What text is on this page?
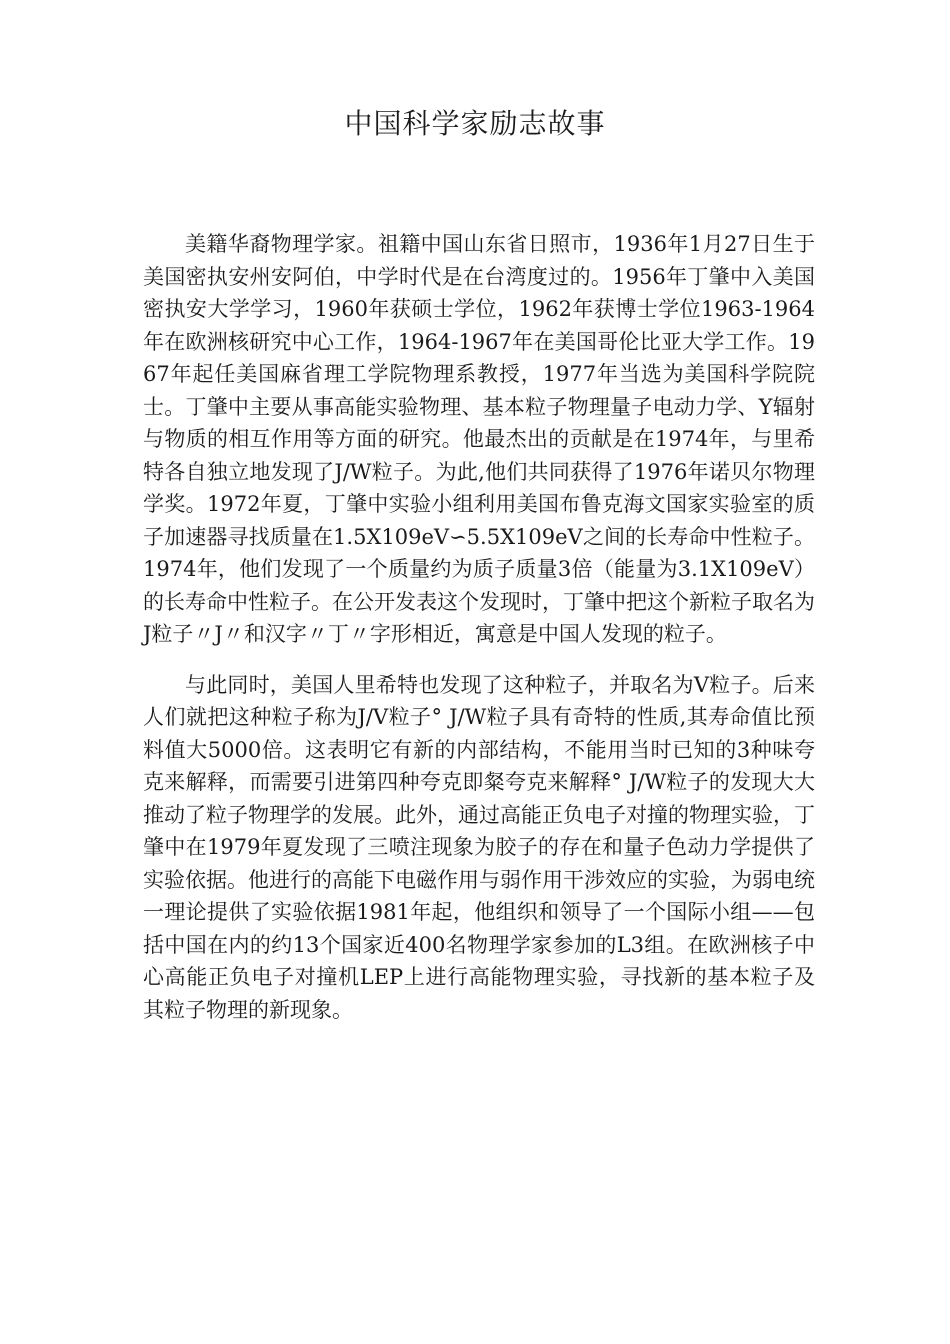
中国科学家励志故事

美籍华裔物理学家。祖籍中国山东省日照市，1936年1月27日生于美国密执安州安阿伯，中学时代是在台湾度过的。1956年丁肇中入美国密执安大学学习，1960年获硕士学位，1962年获博士学位1963-1964年在欧洲核研究中心工作，1964-1967年在美国哥伦比亚大学工作。1967年起任美国麻省理工学院物理系教授，1977年当选为美国科学院院士。丁肇中主要从事高能实验物理、基本粒子物理量子电动力学、Y辐射与物质的相互作用等方面的研究。他最杰出的贡献是在1974年，与里希特各自独立地发现了J/W粒子。为此,他们共同获得了1976年诺贝尔物理学奖。1972年夏，丁肇中实验小组利用美国布鲁克海文国家实验室的质子加速器寻找质量在1.5X109eV∽5.5X109eV之间的长寿命中性粒子。1974年，他们发现了一个质量约为质子质量3倍（能量为3.1X109eV）的长寿命中性粒子。在公开发表这个发现时，丁肇中把这个新粒子取名为J粒子〃J〃和汉字〃丁〃字形相近，寓意是中国人发现的粒子。

与此同时，美国人里希特也发现了这种粒子，并取名为V粒子。后来人们就把这种粒子称为J/V粒子° J/W粒子具有奇特的性质,其寿命值比预料值大5000倍。这表明它有新的内部结构，不能用当时已知的3种味夸克来解释，而需要引进第四种夸克即粲夸克来解释° J/W粒子的发现大大推动了粒子物理学的发展。此外，通过高能正负电子对撞的物理实验，丁肇中在1979年夏发现了三喷注现象为胶子的存在和量子色动力学提供了实验依据。他进行的高能下电磁作用与弱作用干涉效应的实验，为弱电统一理论提供了实验依据1981年起，他组织和领导了一个国际小组——包括中国在内的约13个国家近400名物理学家参加的L3组。在欧洲核子中心高能正负电子对撞机LEP上进行高能物理实验，寻找新的基本粒子及其粒子物理的新现象。
